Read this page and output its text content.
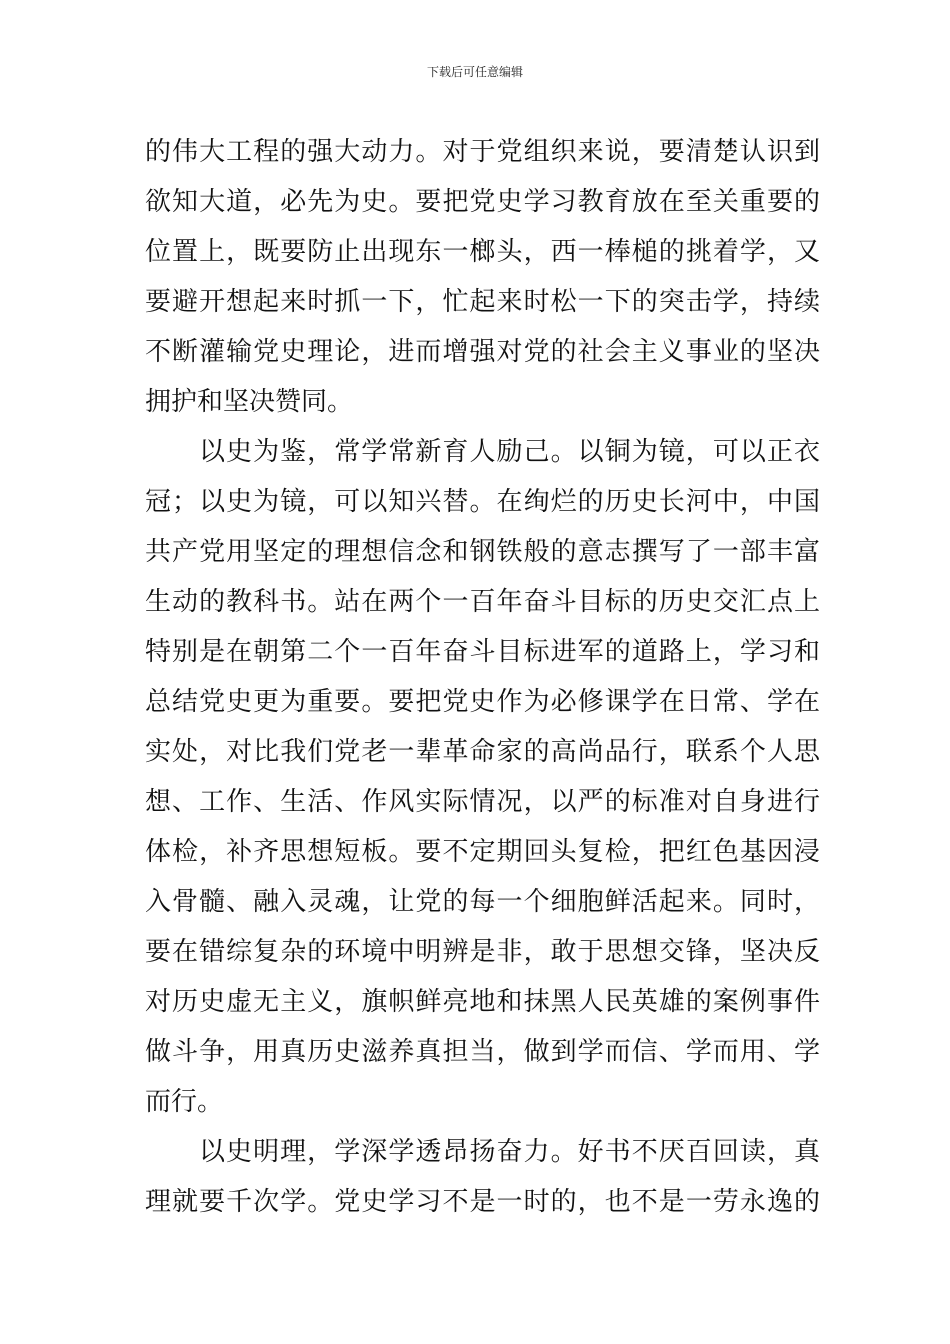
下载后可任意编辑
的伟大工程的强大动力。对于党组织来说，要清楚认识到
欲知大道，必先为史。要把党史学习教育放在至关重要的
位置上，既要防止出现东一榔头，西一棒槌的挑着学，又
要避开想起来时抓一下，忙起来时松一下的突击学，持续
不断灌输党史理论，进而增强对党的社会主义事业的坚决
拥护和坚决赞同。
以史为鉴，常学常新育人励己。以铜为镜，可以正衣
冠；以史为镜，可以知兴替。在绚烂的历史长河中，中国
共产党用坚定的理想信念和钢铁般的意志撰写了一部丰富
生动的教科书。站在两个一百年奋斗目标的历史交汇点上
特别是在朝第二个一百年奋斗目标进军的道路上，学习和
总结党史更为重要。要把党史作为必修课学在日常、学在
实处，对比我们党老一辈革命家的高尚品行，联系个人思
想、工作、生活、作风实际情况，以严的标准对自身进行
体检，补齐思想短板。要不定期回头复检，把红色基因浸
入骨髓、融入灵魂，让党的每一个细胞鲜活起来。同时，
要在错综复杂的环境中明辨是非，敢于思想交锋，坚决反
对历史虚无主义，旗帜鲜亮地和抹黑人民英雄的案例事件
做斗争，用真历史滋养真担当，做到学而信、学而用、学
而行。
以史明理，学深学透昂扬奋力。好书不厌百回读，真
理就要千次学。党史学习不是一时的，也不是一劳永逸的
